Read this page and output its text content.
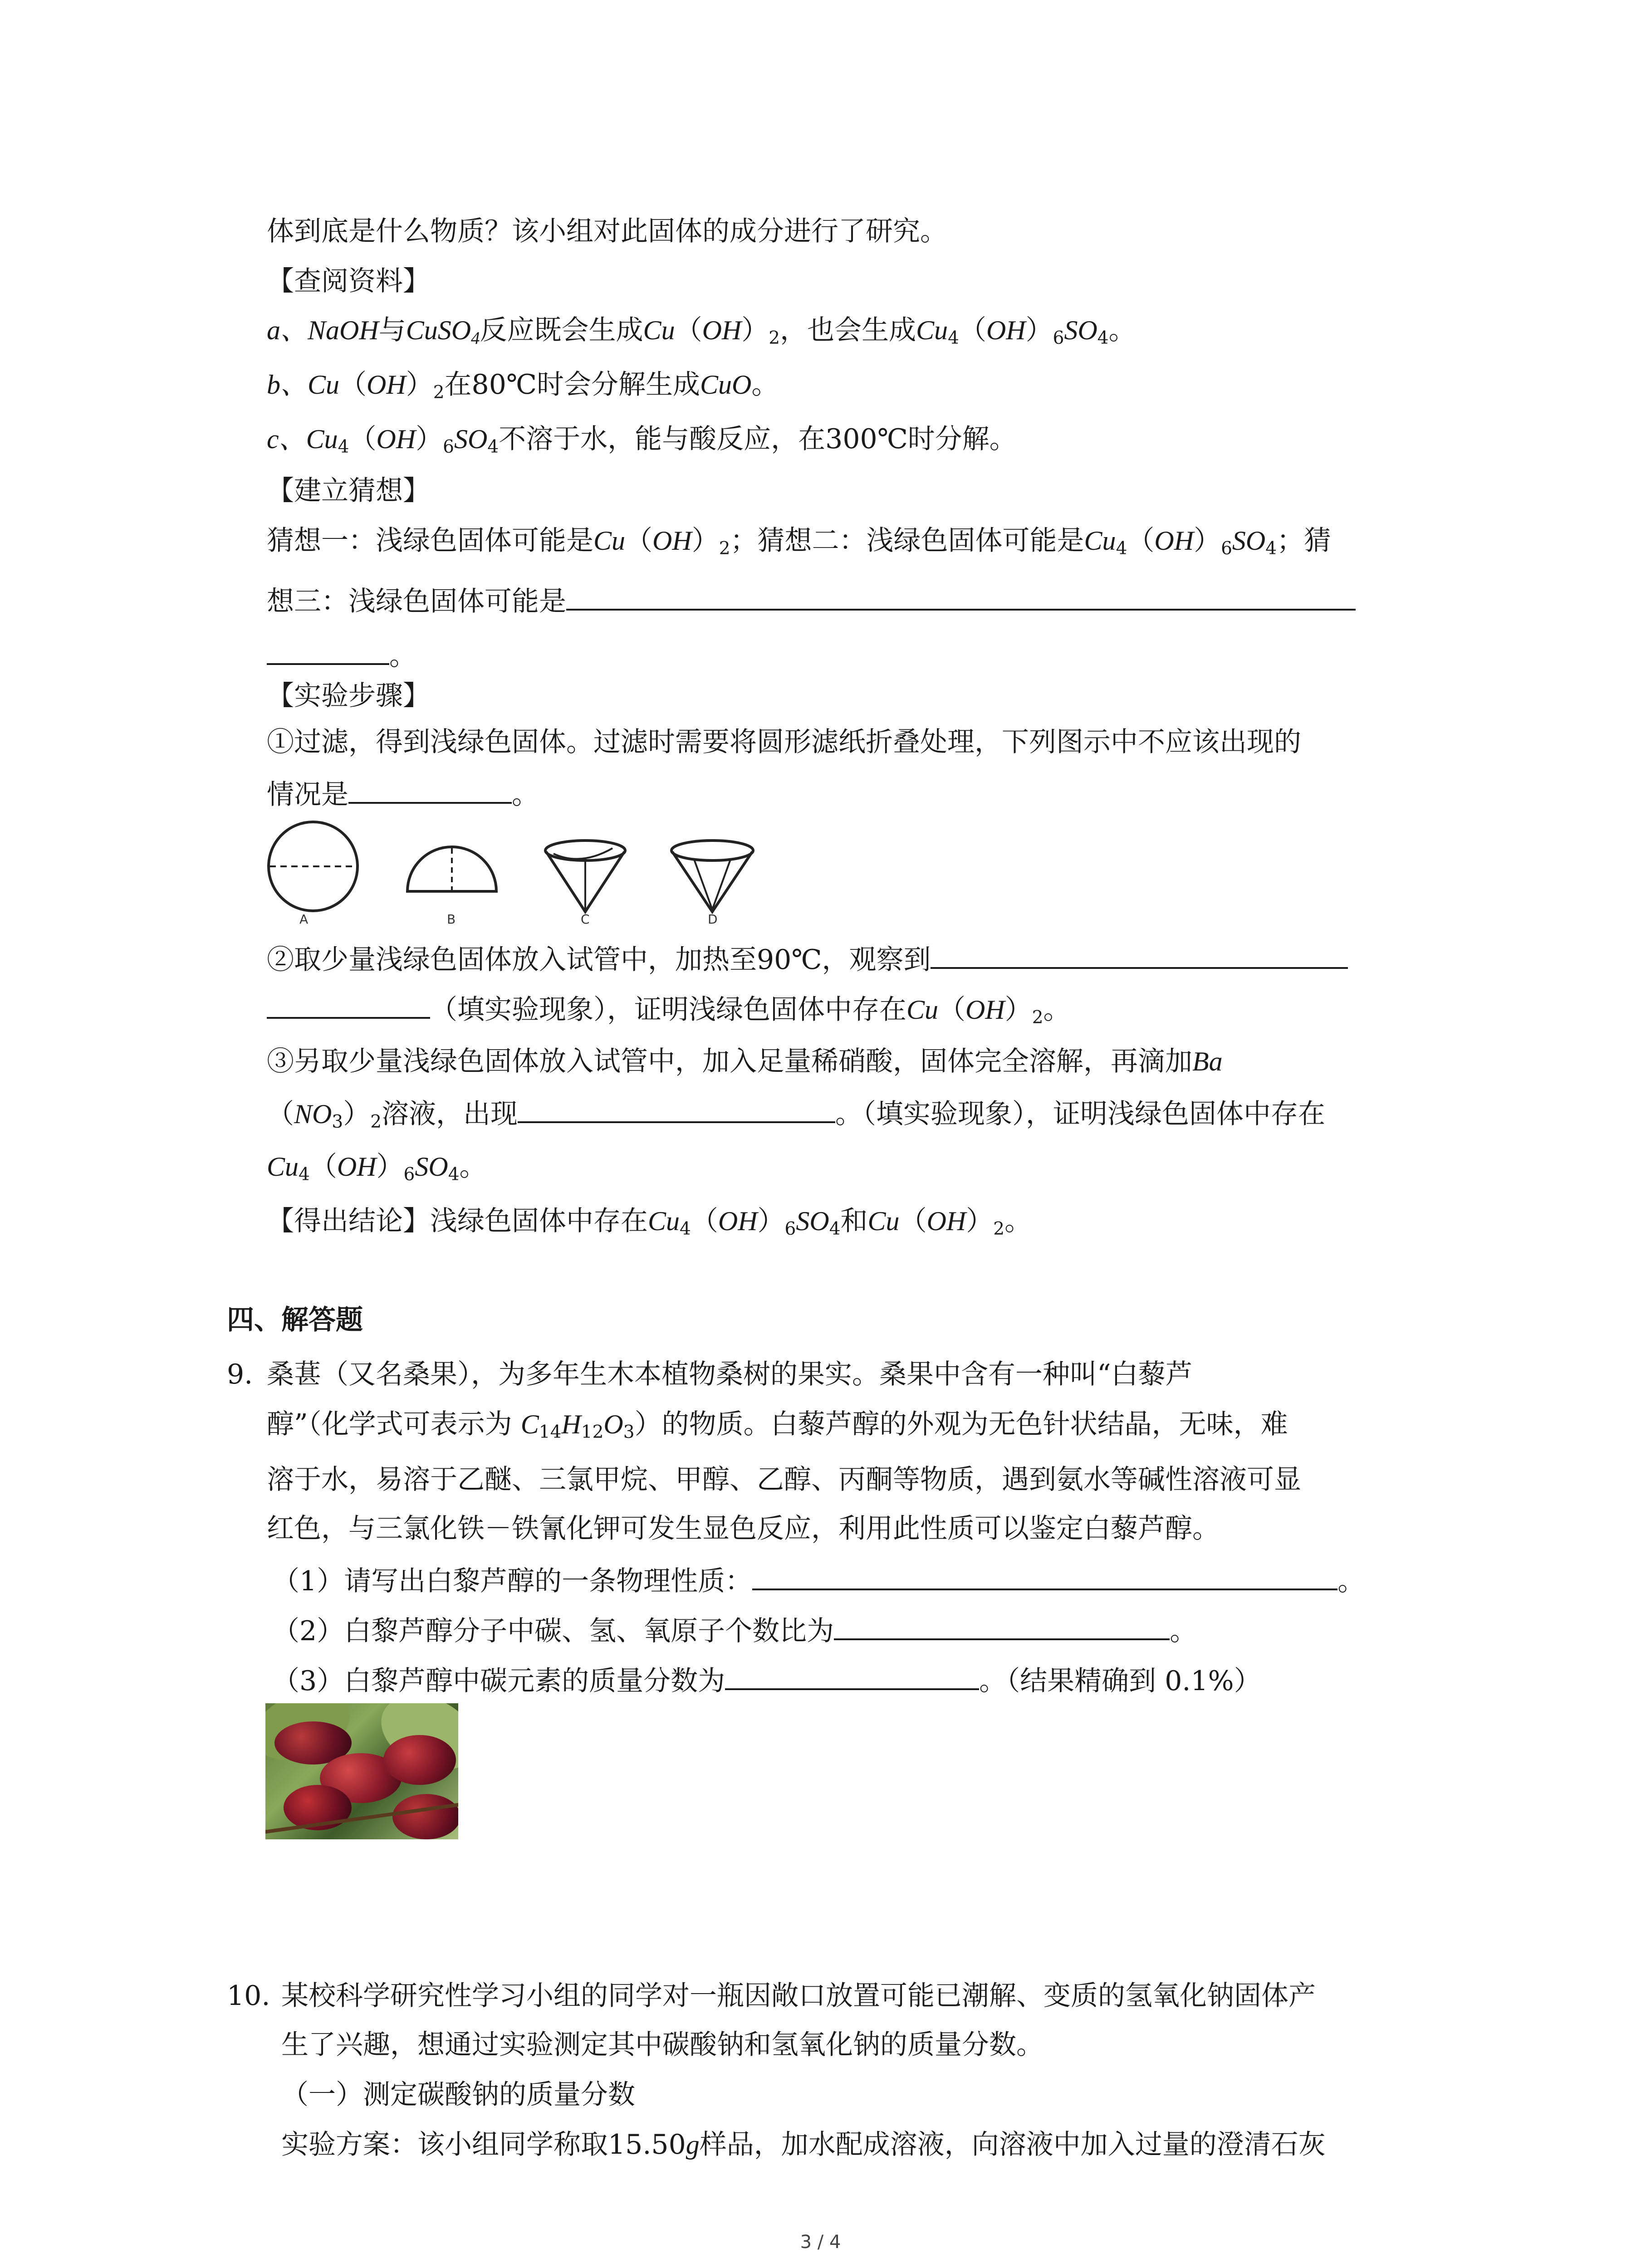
体到底是什么物质？该小组对此固体的成分进行了研究。
【查阅资料】
a、NaOH与CuSO$_4$反应既会生成$Cu(OH)_2$，也会生成$Cu_4(OH)_6SO_4$。
b、$Cu(OH)_2$在80℃时会分解生成CuO。
c、$Cu_4(OH)_6SO_4$不溶于水，能与酸反应，在300℃时分解。
【建立猜想】
猜想一：浅绿色固体可能是$Cu(OH)_2$；猜想二：浅绿色固体可能是$Cu_4(OH)_6SO_4$；猜
想三：浅绿色固体可能是
。
【实验步骤】
①过滤，得到浅绿色固体。过滤时需要将圆形滤纸折叠处理，下列图示中不应该出现的
情况是	。
A	B	C	D
②取少量浅绿色固体放入试管中，加热至90℃，观察到
（填实验现象），证明浅绿色固体中存在$Cu(OH)_2$。
③另取少量浅绿色固体放入试管中，加入足量稀硝酸，固体完全溶解，再滴加Ba
$(NO_3)_2$溶液，出现	。（填实验现象），证明浅绿色固体中存在
$Cu_4(OH)_6SO_4$。
【得出结论】浅绿色固体中存在$Cu_4(OH)_6SO_4$和$Cu(OH)_2$。
四、解答题
9. 桑葚（又名桑果），为多年生木本植物桑树的果实。桑果中含有一种叫“白藜芦
醇”（化学式可表示为 $C_{14}H_{12}O_3$）的物质。白藜芦醇的外观为无色针状结晶，无味，难
溶于水，易溶于乙醚、三氯甲烷、甲醇、乙醇、丙酮等物质，遇到氨水等碱性溶液可显
红色，与三氯化铁－铁氰化钾可发生显色反应，利用此性质可以鉴定白藜芦醇。
（1）请写出白黎芦醇的一条物理性质：	。
（2）白黎芦醇分子中碳、氢、氧原子个数比为	。
（3）白黎芦醇中碳元素的质量分数为	。（结果精确到 0.1%）
10. 某校科学研究性学习小组的同学对一瓶因敞口放置可能已潮解、变质的氢氧化钠固体产
生了兴趣，想通过实验测定其中碳酸钠和氢氧化钠的质量分数。
（一）测定碳酸钠的质量分数
实验方案：该小组同学称取15.50g样品，加水配成溶液，向溶液中加入过量的澄清石灰
3 / 4
